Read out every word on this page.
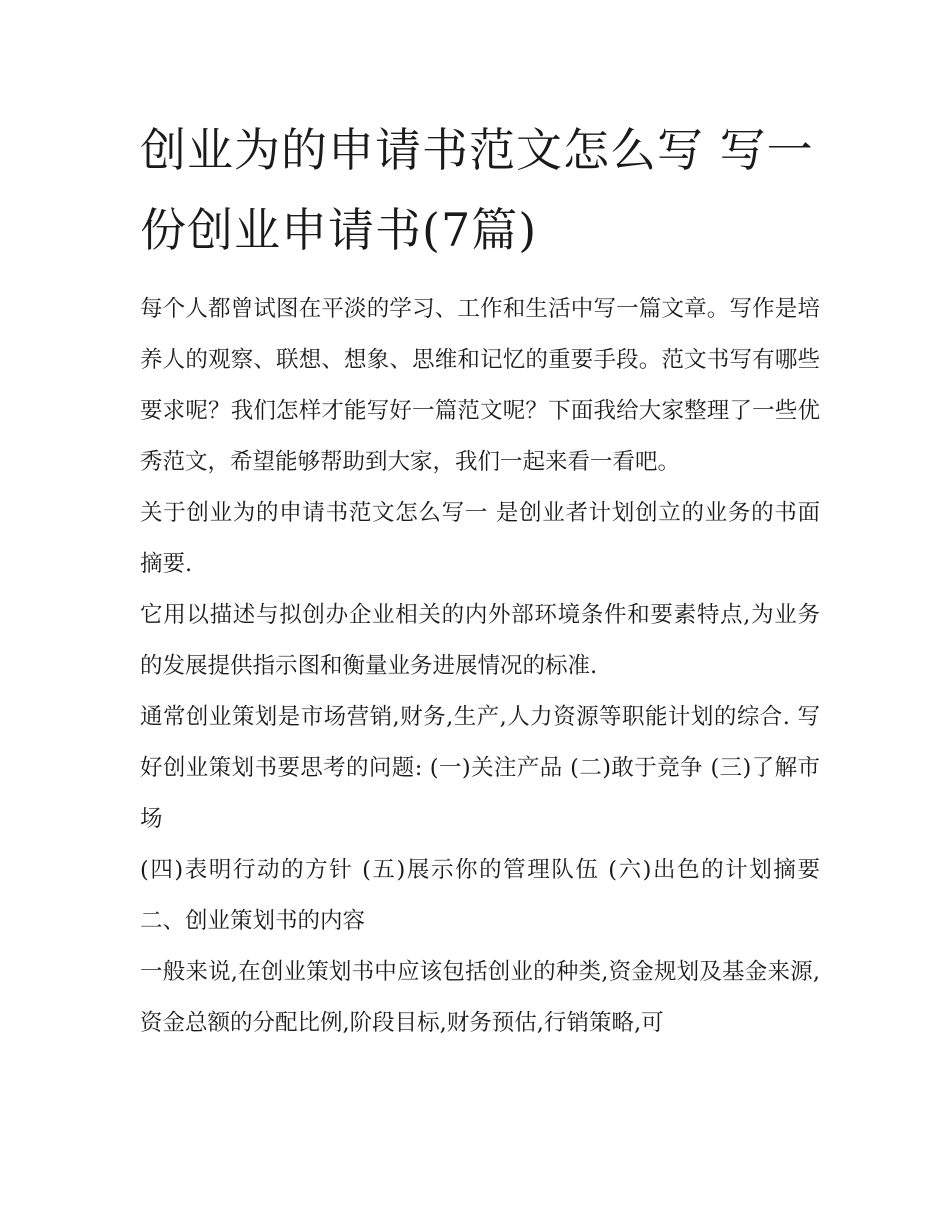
创业为的申请书范文怎么写 写一份创业申请书(7篇)

每个人都曾试图在平淡的学习、工作和生活中写一篇文章。写作是培养人的观察、联想、想象、思维和记忆的重要手段。范文书写有哪些要求呢？我们怎样才能写好一篇范文呢？下面我给大家整理了一些优秀范文，希望能够帮助到大家，我们一起来看一看吧。

关于创业为的申请书范文怎么写一 是创业者计划创立的业务的书面摘要.

它用以描述与拟创办企业相关的内外部环境条件和要素特点,为业务的发展提供指示图和衡量业务进展情况的标准.

通常创业策划是市场营销,财务,生产,人力资源等职能计划的综合. 写好创业策划书要思考的问题: (一)关注产品 (二)敢于竞争 (三)了解市场

(四)表明行动的方针 (五)展示你的管理队伍 (六)出色的计划摘要 二、创业策划书的内容

一般来说,在创业策划书中应该包括创业的种类,资金规划及基金来源,资金总额的分配比例,阶段目标,财务预估,行销策略,可
